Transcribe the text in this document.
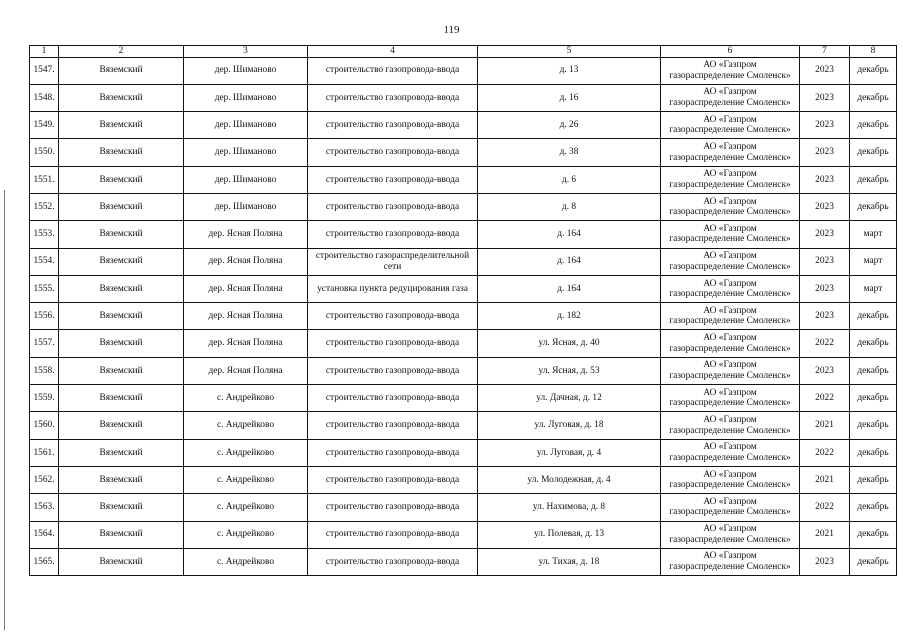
119
1	2	3	4	5	6	7	8
1547.	Вяземский	дер. Шиманово	строительство газопровода-ввода	д. 13	АО «Газпром
газораспределение Смоленск»	2023	декабрь
1548.	Вяземский	дер. Шиманово	строительство газопровода-ввода	д. 16	АО «Газпром
газораспределение Смоленск»	2023	декабрь
1549.	Вяземский	дер. Шиманово	строительство газопровода-ввода	д. 26	АО «Газпром
газораспределение Смоленск»	2023	декабрь
1550.	Вяземский	дер. Шиманово	строительство газопровода-ввода	д. 38	АО «Газпром
газораспределение Смоленск»	2023	декабрь
1551.	Вяземский	дер. Шиманово	строительство газопровода-ввода	д. 6	АО «Газпром
газораспределение Смоленск»	2023	декабрь
1552.	Вяземский	дер. Шиманово	строительство газопровода-ввода	д. 8	АО «Газпром
газораспределение Смоленск»	2023	декабрь
1553.	Вяземский	дер. Ясная Поляна	строительство газопровода-ввода	д. 164	АО «Газпром
газораспределение Смоленск»	2023	март
1554.	Вяземский	дер. Ясная Поляна	строительство газораспределительной сети	д. 164	АО «Газпром
газораспределение Смоленск»	2023	март
1555.	Вяземский	дер. Ясная Поляна	установка пункта редуцирования газа	д. 164	АО «Газпром
газораспределение Смоленск»	2023	март
1556.	Вяземский	дер. Ясная Поляна	строительство газопровода-ввода	д. 182	АО «Газпром
газораспределение Смоленск»	2023	декабрь
1557.	Вяземский	дер. Ясная Поляна	строительство газопровода-ввода	ул. Ясная, д. 40	АО «Газпром
газораспределение Смоленск»	2022	декабрь
1558.	Вяземский	дер. Ясная Поляна	строительство газопровода-ввода	ул. Ясная, д. 53	АО «Газпром
газораспределение Смоленск»	2023	декабрь
1559.	Вяземский	с. Андрейково	строительство газопровода-ввода	ул. Дачная, д. 12	АО «Газпром
газораспределение Смоленск»	2022	декабрь
1560.	Вяземский	с. Андрейково	строительство газопровода-ввода	ул. Луговая, д. 18	АО «Газпром
газораспределение Смоленск»	2021	декабрь
1561.	Вяземский	с. Андрейково	строительство газопровода-ввода	ул. Луговая, д. 4	АО «Газпром
газораспределение Смоленск»	2022	декабрь
1562.	Вяземский	с. Андрейково	строительство газопровода-ввода	ул. Молодежная, д. 4	АО «Газпром
газораспределение Смоленск»	2021	декабрь
1563.	Вяземский	с. Андрейково	строительство газопровода-ввода	ул. Нахимова, д. 8	АО «Газпром
газораспределение Смоленск»	2022	декабрь
1564.	Вяземский	с. Андрейково	строительство газопровода-ввода	ул. Полевая, д. 13	АО «Газпром
газораспределение Смоленск»	2021	декабрь
1565.	Вяземский	с. Андрейково	строительство газопровода-ввода	ул. Тихая, д. 18	АО «Газпром
газораспределение Смоленск»	2023	декабрь
